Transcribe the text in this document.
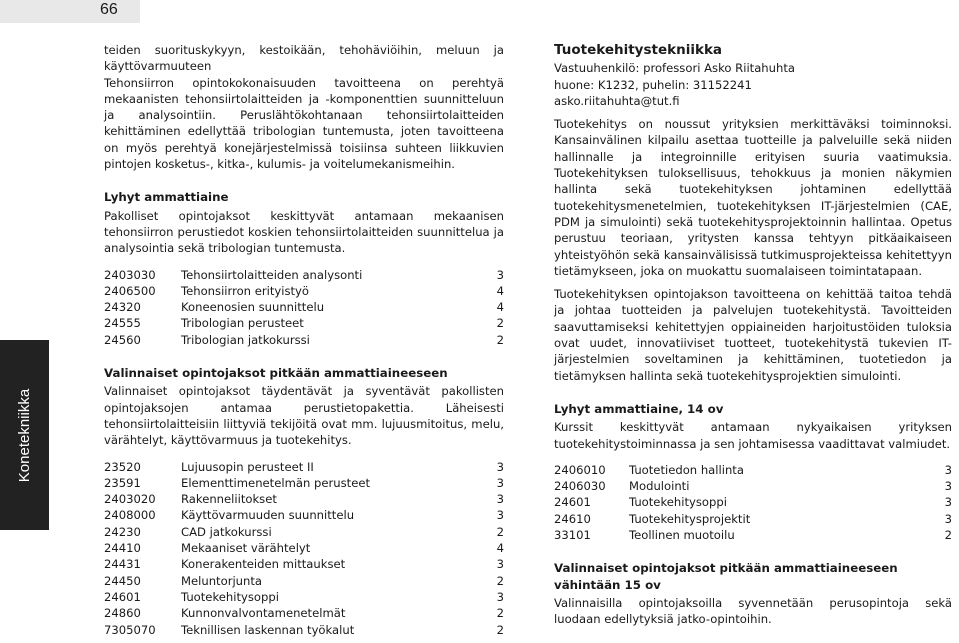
66
Konetekniikka

teiden suorituskykyyn, kestoikään, tehohäviöihin, meluun ja käyttövarmuuteen

Tehonsiirron opintokokonaisuuden tavoitteena on perehtyä mekaanisten tehonsiirtolaitteiden ja -komponenttien suunnitteluun ja analysointiin. Peruslähtökohtanaan tehonsiirtolaitteiden kehittäminen edellyttää tribologian tuntemusta, joten tavoitteena on myös perehtyä konejärjestelmissä toisiinsa suhteen liikkuvien pintojen kosketus-, kitka-, kulumis- ja voitelumekanismeihin.

Lyhyt ammattiaine

Pakolliset opintojaksot keskittyvät antamaan mekaanisen tehonsiirron perustiedot koskien tehonsiirtolaitteiden suunnittelua ja analysointia sekä tribologian tuntemusta.

2403030	Tehonsiirtolaitteiden analysonti	3
2406500	Tehonsiirron erityistyö	4
24320	Koneenosien suunnittelu	4
24555	Tribologian perusteet	2
24560	Tribologian jatkokurssi	2
Valinnaiset opintojaksot pitkään ammattiaineeseen

Valinnaiset opintojaksot täydentävät ja syventävät pakollisten opintojaksojen antamaa perustietopakettia. Läheisesti tehonsiirtolaitteisiin liittyviä tekijöitä ovat mm. lujuusmitoitus, melu, värähtelyt, käyttövarmuus ja tuotekehitys.

23520	Lujuusopin perusteet II	3
23591	Elementtimenetelmän perusteet	3
2403020	Rakenneliitokset	3
2408000	Käyttövarmuuden suunnittelu	3
24230	CAD jatkokurssi	2
24410	Mekaaniset värähtelyt	4
24431	Konerakenteiden mittaukset	3
24450	Meluntorjunta	2
24601	Tuotekehitysoppi	3
24860	Kunnonvalvontamenetelmät	2
7305070	Teknillisen laskennan työkalut	2
Tuotekehitystekniikka
Vastuuhenkilö: professori Asko Riitahuhta
huone: K1232, puhelin: 31152241
asko.riitahuhta@tut.fi

Tuotekehitys on noussut yrityksien merkittäväksi toiminnoksi. Kansainvälinen kilpailu asettaa tuotteille ja palveluille sekä niiden hallinnalle ja integroinnille erityisen suuria vaatimuksia. Tuotekehityksen tuloksellisuus, tehokkuus ja monien näkymien hallinta sekä tuotekehityksen johtaminen edellyttää tuotekehitysmenetelmien, tuotekehityksen IT-järjestelmien (CAE, PDM ja simulointi) sekä tuotekehitysprojektoinnin hallintaa. Opetus perustuu teoriaan, yritysten kanssa tehtyyn pitkäaikaiseen yhteistyöhön sekä kansainvälisissä tutkimusprojekteissa kehitettyyn tietämykseen, joka on muokattu suomalaiseen toimintatapaan.

Tuotekehityksen opintojakson tavoitteena on kehittää taitoa tehdä ja johtaa tuotteiden ja palvelujen tuotekehitystä. Tavoitteiden saavuttamiseksi kehitettyjen oppiaineiden harjoitustöiden tuloksia ovat uudet, innovatiiviset tuotteet, tuotekehitystä tukevien IT-järjestelmien soveltaminen ja kehittäminen, tuotetiedon ja tietämyksen hallinta sekä tuotekehitysprojektien simulointi.

Lyhyt ammattiaine, 14 ov

Kurssit keskittyvät antamaan nykyaikaisen yrityksen tuotekehitystoiminnassa ja sen johtamisessa vaadittavat valmiudet.

2406010	Tuotetiedon hallinta	3
2406030	Modulointi	3
24601	Tuotekehitysoppi	3
24610	Tuotekehitysprojektit	3
33101	Teollinen muotoilu	2
Valinnaiset opintojaksot pitkään ammattiaineeseen vähintään 15 ov

Valinnaisilla opintojaksoilla syvennetään perusopintoja sekä luodaan edellytyksiä jatko-opintoihin.
